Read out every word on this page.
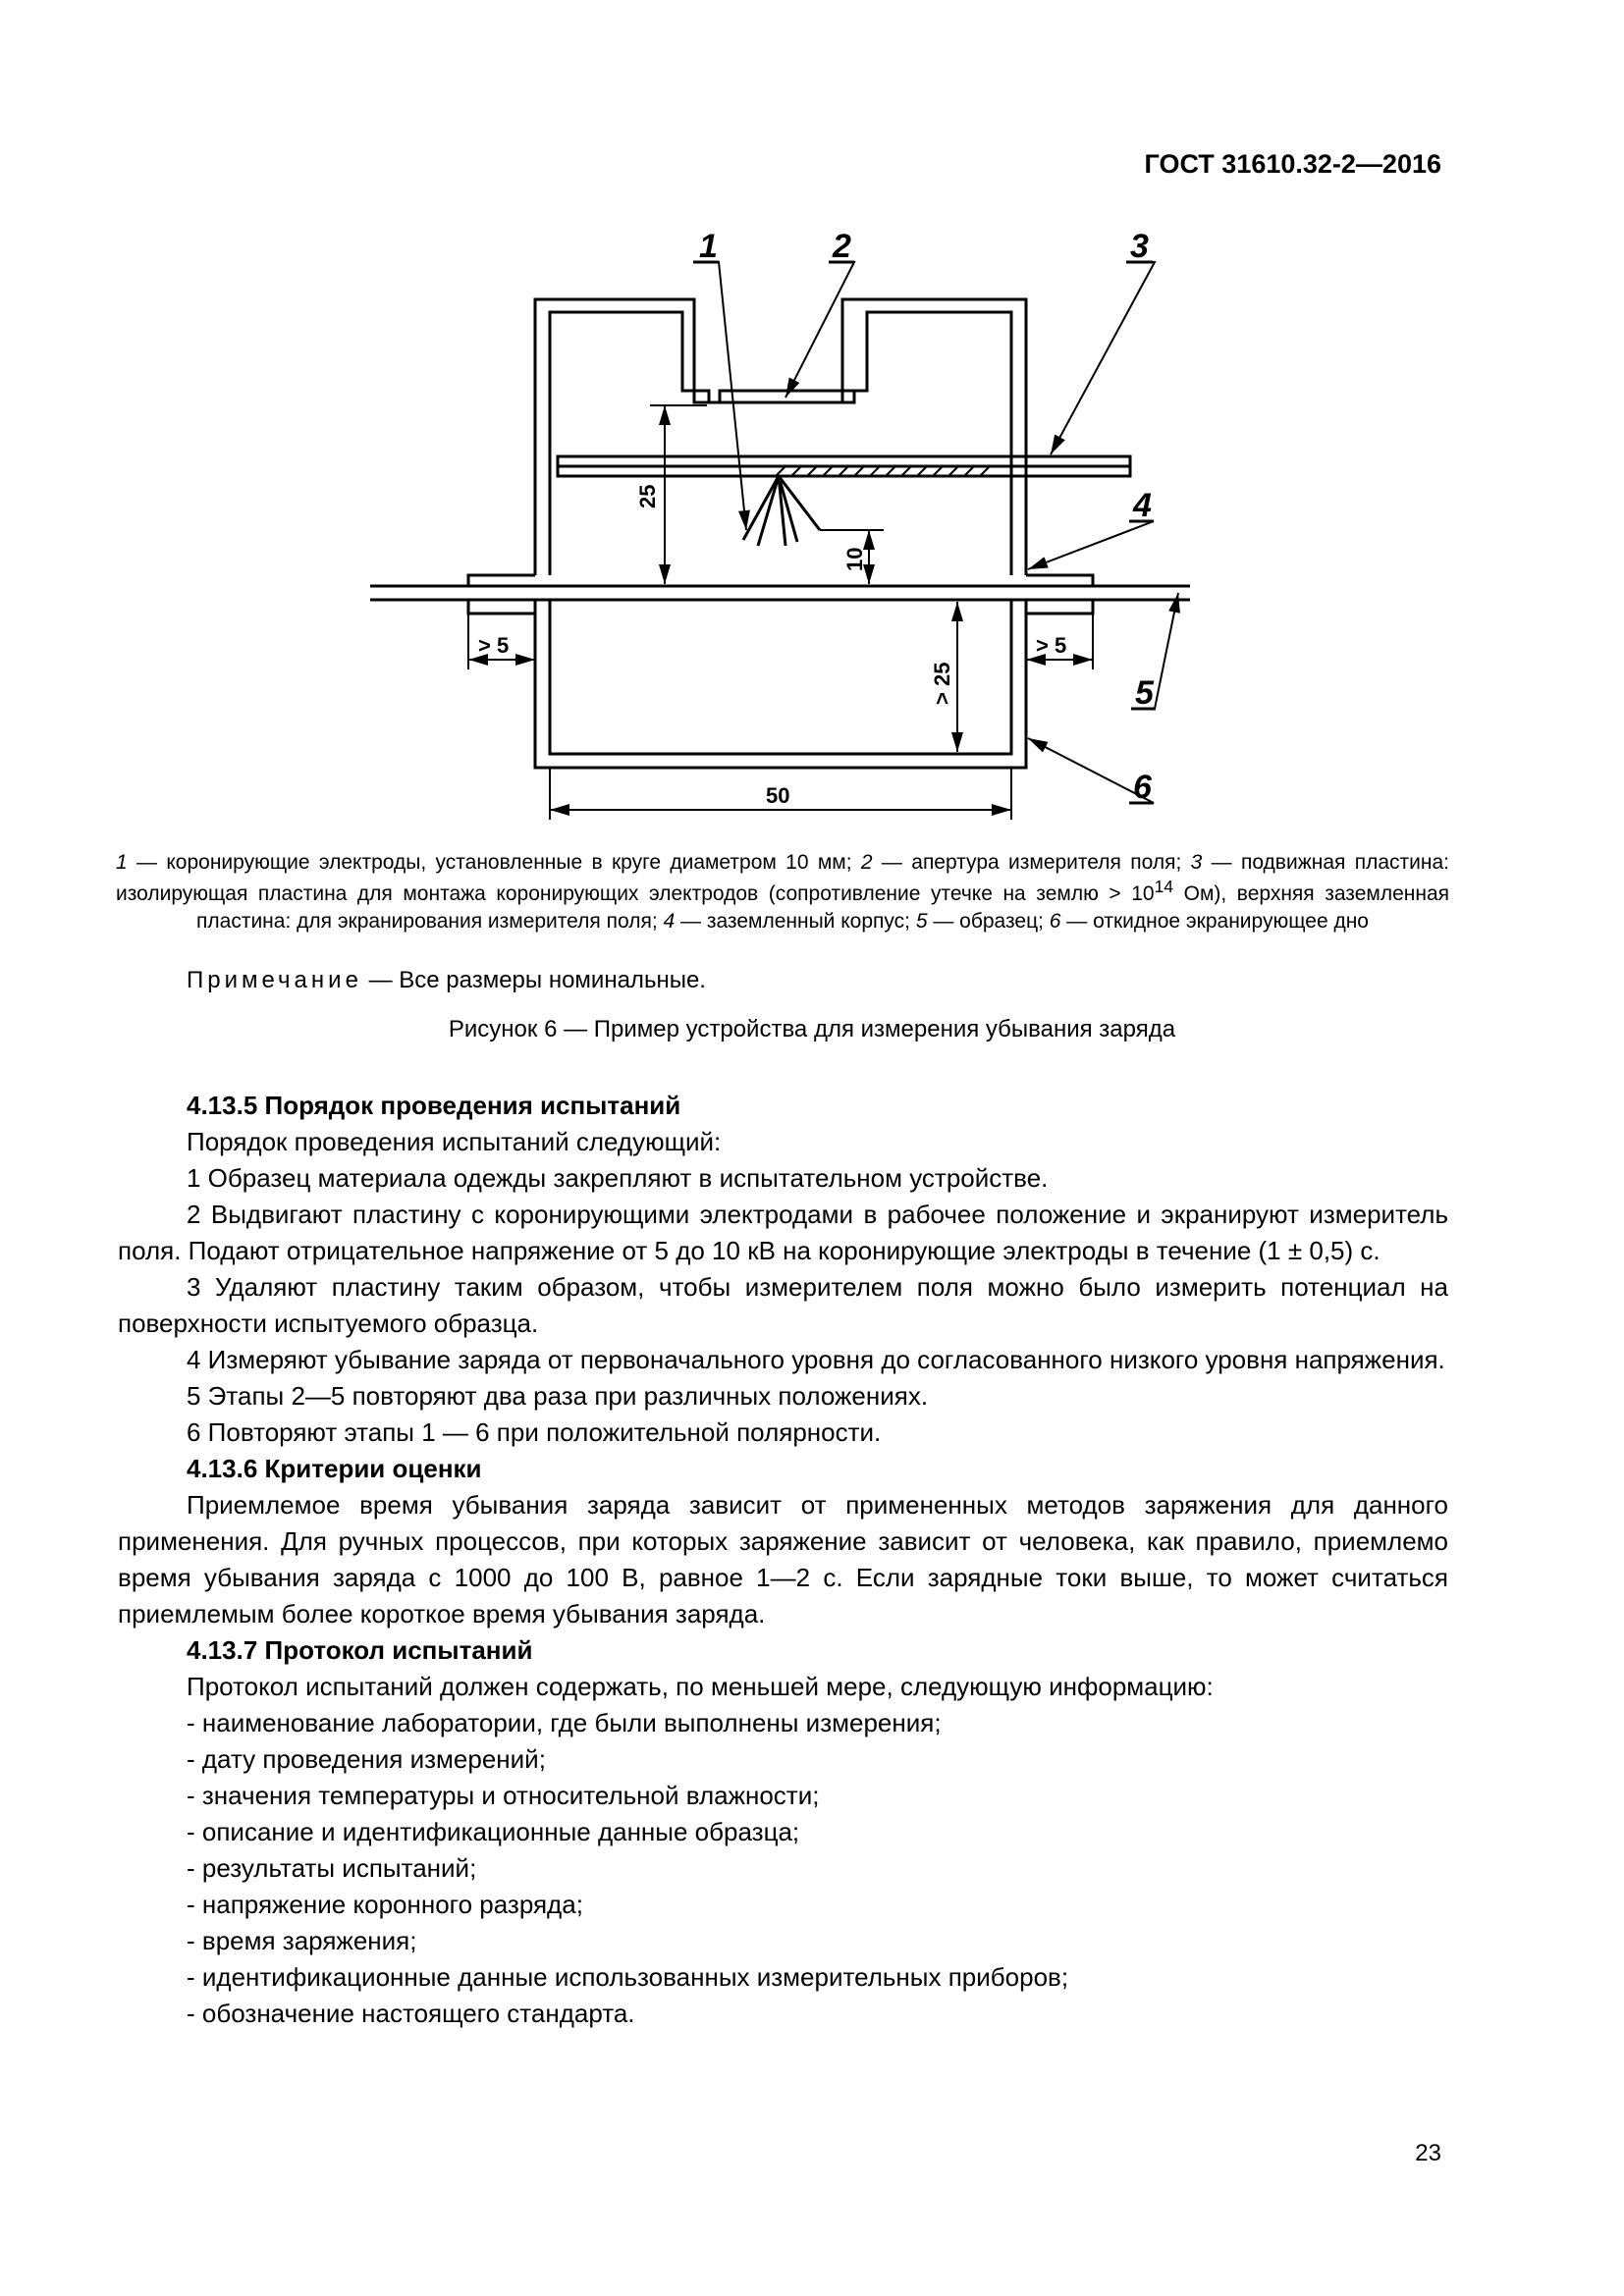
ГОСТ 31610.32-2—2016
1	2	3
4
5
6
25
10
> 5	> 5
> 25
50
1 — коронирующие электроды, установленные в круге диаметром 10 мм; 2 — апертура измерителя поля; 3 — подвижная пластина: изолирующая пластина для монтажа коронирующих электродов (сопротивление утечке на землю > $10^{14}$ Ом), верхняя заземленная пластина: для экранирования измерителя поля; 4 — заземленный корпус; 5 — образец; 6 — откидное экранирующее дно
Примечание — Все размеры номинальные.
Рисунок 6 — Пример устройства для измерения убывания заряда
4.13.5 Порядок проведения испытаний

Порядок проведения испытаний следующий:

1 Образец материала одежды закрепляют в испытательном устройстве.

2 Выдвигают пластину с коронирующими электродами в рабочее положение и экранируют измеритель поля. Подают отрицательное напряжение от 5 до 10 кВ на коронирующие электроды в течение (1 ± 0,5) с.

3 Удаляют пластину таким образом, чтобы измерителем поля можно было измерить потенциал на поверхности испытуемого образца.

4 Измеряют убывание заряда от первоначального уровня до согласованного низкого уровня напряжения.

5 Этапы 2—5 повторяют два раза при различных положениях.

6 Повторяют этапы 1 — 6 при положительной полярности.

4.13.6 Критерии оценки

Приемлемое время убывания заряда зависит от примененных методов заряжения для данного применения. Для ручных процессов, при которых заряжение зависит от человека, как правило, приемлемо время убывания заряда с 1000 до 100 В, равное 1—2 с. Если зарядные токи выше, то может считаться приемлемым более короткое время убывания заряда.

4.13.7 Протокол испытаний

Протокол испытаний должен содержать, по меньшей мере, следующую информацию:

- наименование лаборатории, где были выполнены измерения;

- дату проведения измерений;

- значения температуры и относительной влажности;

- описание и идентификационные данные образца;

- результаты испытаний;

- напряжение коронного разряда;

- время заряжения;

- идентификационные данные использованных измерительных приборов;

- обозначение настоящего стандарта.

23
